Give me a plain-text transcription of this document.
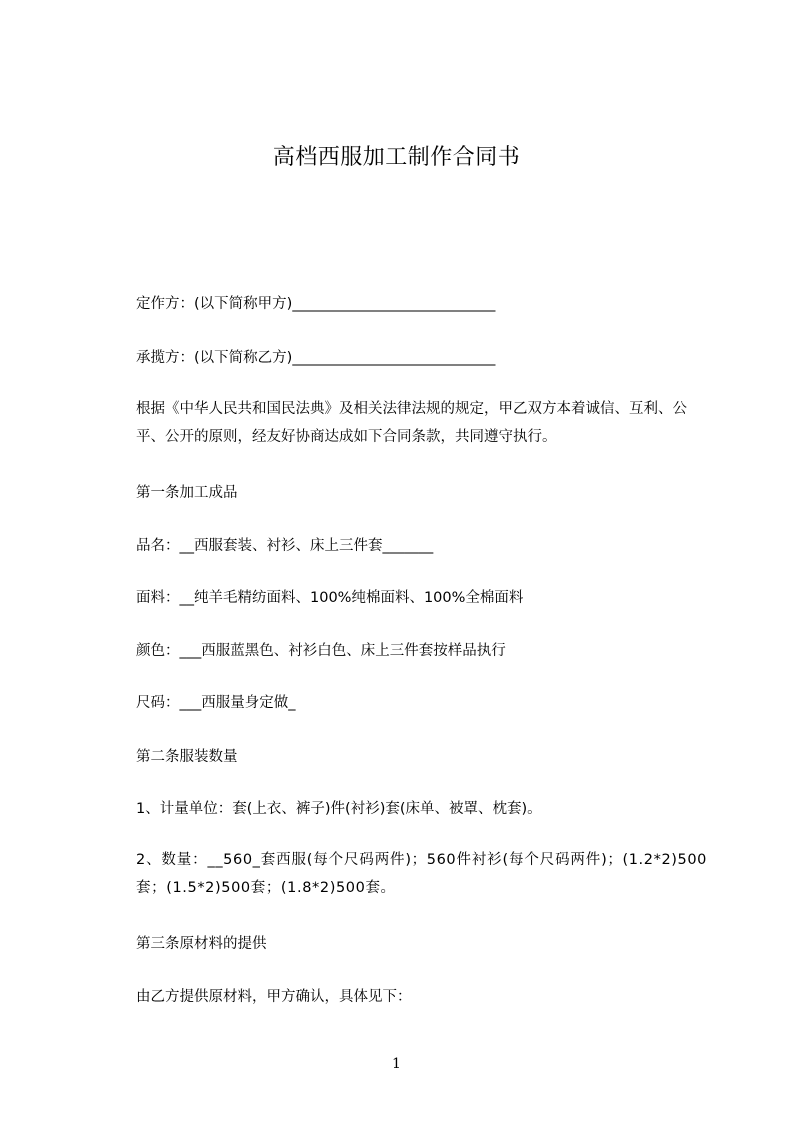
高档西服加工制作合同书
定作方：(以下简称甲方)____________________________
承揽方：(以下简称乙方)____________________________
根据《中华人民共和国民法典》及相关法律法规的规定，甲乙双方本着诚信、互利、公平、公开的原则，经友好协商达成如下合同条款，共同遵守执行。
第一条加工成品
品名：__西服套装、衬衫、床上三件套_______
面料：__纯羊毛精纺面料、100%纯棉面料、100%全棉面料
颜色：___西服蓝黑色、衬衫白色、床上三件套按样品执行
尺码：___西服量身定做_
第二条服装数量
1、计量单位：套(上衣、裤子)件(衬衫)套(床单、被罩、枕套)。
2、数量：__560_套西服(每个尺码两件)；560件衬衫(每个尺码两件)；(1.2*2)500套；(1.5*2)500套；(1.8*2)500套。
第三条原材料的提供
由乙方提供原材料，甲方确认，具体见下：
1
